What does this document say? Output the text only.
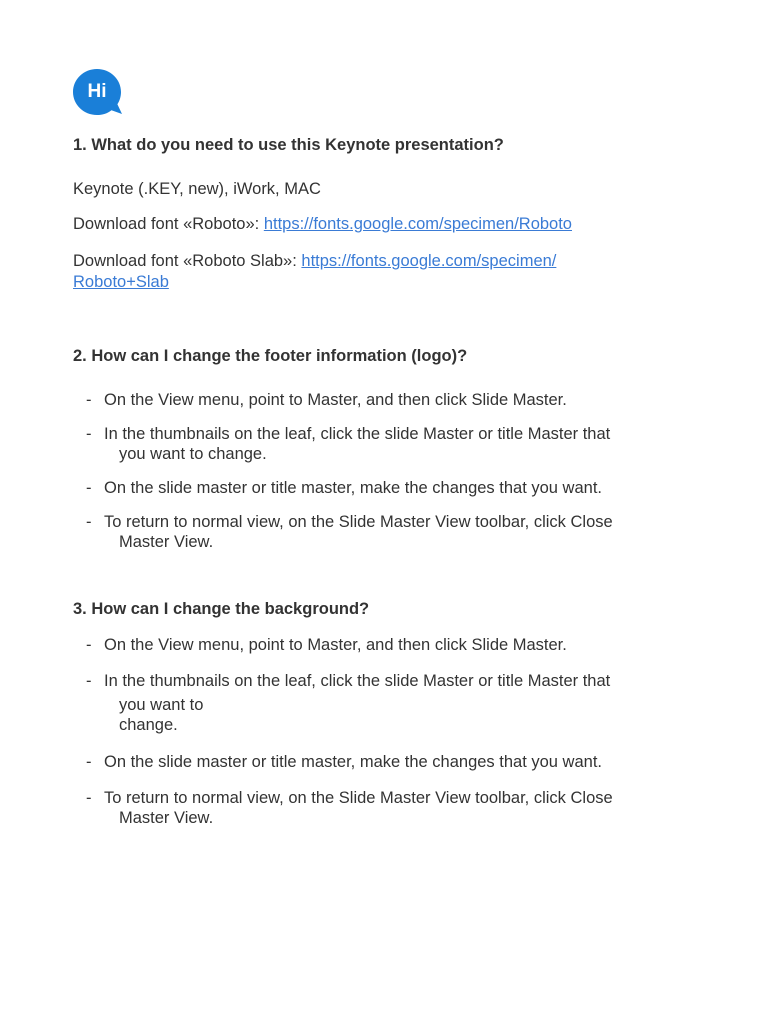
Hi

1. What do you need to use this Keynote presentation?

Keynote (.KEY, new), iWork, MAC

Download font «Roboto»: https://fonts.google.com/specimen/Roboto

Download font «Roboto Slab»: https://fonts.google.com/specimen/
Roboto+Slab

2. How can I change the footer information (logo)?

- On the View menu, point to Master, and then click Slide Master.
- In the thumbnails on the leaf, click the slide Master or title Master that
you want to change.
- On the slide master or title master, make the changes that you want.
- To return to normal view, on the Slide Master View toolbar, click Close
Master View.

3. How can I change the background?

- On the View menu, point to Master, and then click Slide Master.
- In the thumbnails on the leaf, click the slide Master or title Master that
you want to
change.
- On the slide master or title master, make the changes that you want.
- To return to normal view, on the Slide Master View toolbar, click Close
Master View.
